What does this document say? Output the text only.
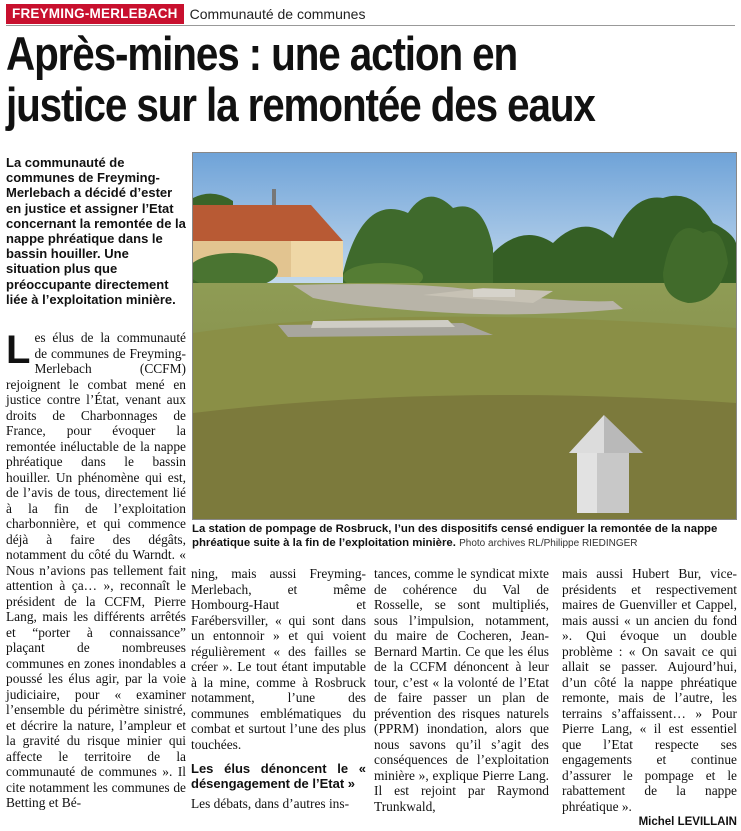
FREYMING-MERLEBACH Communauté de communes
Après-mines : une action en
justice sur la remontée des eaux
La communauté de communes de Freyming-Merlebach a décidé d’ester en justice et assigner l’Etat concernant la remontée de la nappe phréatique dans le bassin houiller. Une situation plus que préoccupante directement liée à l’exploitation minière.
L es élus de la communauté de communes de Freyming-Merlebach (CCFM) rejoignent le combat mené en justice contre l’État, venant aux droits de Charbonnages de France, pour évoquer la remontée inéluctable de la nappe phréatique dans le bassin houiller. Un phénomène qui est, de l’avis de tous, directement lié à la fin de l’exploitation charbonnière, et qui commence déjà à faire des dégâts, notamment du côté du Warndt. « Nous n’avions pas tellement fait attention à ça… », reconnaît le président de la CCFM, Pierre Lang, mais les différents arrêtés et “porter à connaissance” plaçant de nombreuses communes en zones inondables a poussé les élus agir, par la voie judiciaire, pour « examiner l’ensemble du périmètre sinistré, et décrire la nature, l’ampleur et la gravité du risque minier qui affecte le territoire de la communauté de communes ». Il cite notamment les communes de Betting et Bé-
La station de pompage de Rosbruck, l’un des dispositifs censé endiguer la remontée de la nappe phréatique suite à la fin de l’exploitation minière. Photo archives RL/Philippe RIEDINGER

ning, mais aussi Freyming-Merlebach, et même Hombourg-Haut et Farébersviller, « qui sont dans un entonnoir » et qui voient régulièrement « des failles se créer ». Le tout étant imputable à la mine, comme à Rosbruck notamment, l’une des communes emblématiques du combat et surtout l’une des plus touchées.

Les élus dénoncent le « désengagement de l’Etat »

Les débats, dans d’autres ins-

tances, comme le syndicat mixte de cohérence du Val de Rosselle, se sont multipliés, sous l’impulsion, notamment, du maire de Cocheren, Jean-Bernard Martin. Ce que les élus de la CCFM dénoncent à leur tour, c’est « la volonté de l’Etat de faire passer un plan de prévention des risques naturels (PPRM) inondation, alors que nous savons qu’il s’agit des conséquences de l’exploitation minière », explique Pierre Lang. Il est rejoint par Raymond Trunkwald,

mais aussi Hubert Bur, vice-présidents et respectivement maires de Guenviller et Cappel, mais aussi « un ancien du fond ». Qui évoque un double problème : « On savait ce qui allait se passer. Aujourd’hui, d’un côté la nappe phréatique remonte, mais de l’autre, les terrains s’affaissent… » Pour Pierre Lang, « il est essentiel que l’Etat respecte ses engagements et continue d’assurer le pompage et le rabattement de la nappe phréatique ».

Michel LEVILLAIN
